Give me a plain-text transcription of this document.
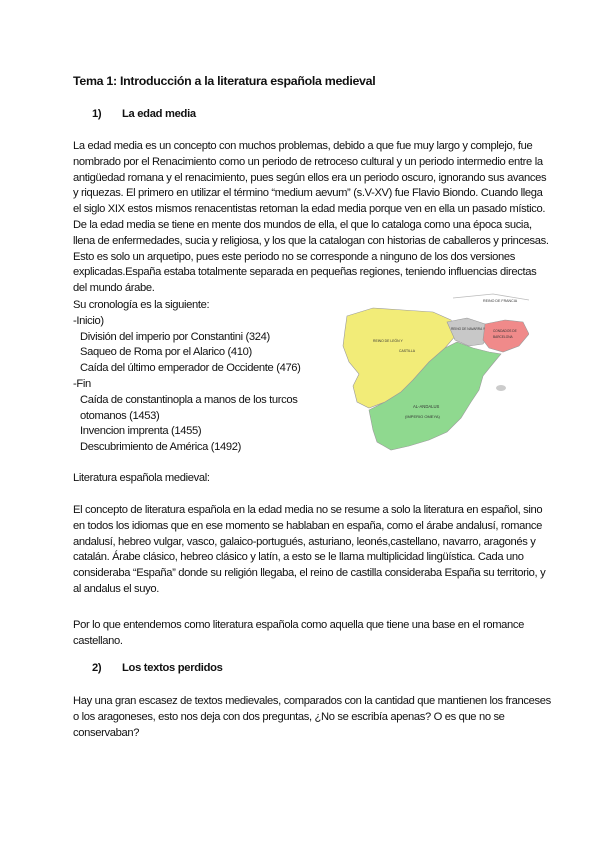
Tema 1: Introducción a la literatura española medieval
1) La edad media
La edad media es un concepto con muchos problemas, debido a que fue muy largo y complejo, fue
nombrado por el Renacimiento como un periodo de retroceso cultural y un periodo intermedio entre la
antigüedad romana y el renacimiento, pues según ellos era un periodo oscuro, ignorando sus avances
y riquezas. El primero en utilizar el término “medium aevum” (s.V-XV) fue Flavio Biondo. Cuando llega
el siglo XIX estos mismos renacentistas retoman la edad media porque ven en ella un pasado místico.
De la edad media se tiene en mente dos mundos de ella, el que lo cataloga como una época sucia,
llena de enfermedades, sucia y religiosa, y los que la catalogan con historias de caballeros y princesas.
Esto es solo un arquetipo, pues este periodo no se corresponde a ninguno de los dos versiones
explicadas.España estaba totalmente separada en pequeñas regiones, teniendo influencias directas
del mundo árabe.
Su cronología es la siguiente:
-Inicio)
División del imperio por Constantini (324)
Saqueo de Roma por el Alarico (410)
Caída del último emperador de Occidente (476)
-Fin
Caída de constantinopla a manos de los turcos
otomanos (1453)
Invencion imprenta (1455)
Descubrimiento de América (1492)
REINO DE FRANCIA
REINO DE LEÓN Y
CASTILLA
REINO DE NAVARRA Y CONDADOS DE
BARCELONA
AL-ANDALUS
(IMPERIO OMEYA)
Literatura española medieval:
El concepto de literatura española en la edad media no se resume a solo la literatura en español, sino
en todos los idiomas que en ese momento se hablaban en españa, como el árabe andalusí, romance
andalusí, hebreo vulgar, vasco, galaico-portugués, asturiano, leonés,castellano, navarro, aragonés y
catalán. Árabe clásico, hebreo clásico y latín, a esto se le llama multiplicidad lingüística. Cada uno
consideraba “España” donde su religión llegaba, el reino de castilla consideraba España su territorio, y
al andalus el suyo.
Por lo que entendemos como literatura española como aquella que tiene una base en el romance
castellano.
2) Los textos perdidos
Hay una gran escasez de textos medievales, comparados con la cantidad que mantienen los franceses
o los aragoneses, esto nos deja con dos preguntas, ¿No se escribía apenas? O es que no se
conservaban?
